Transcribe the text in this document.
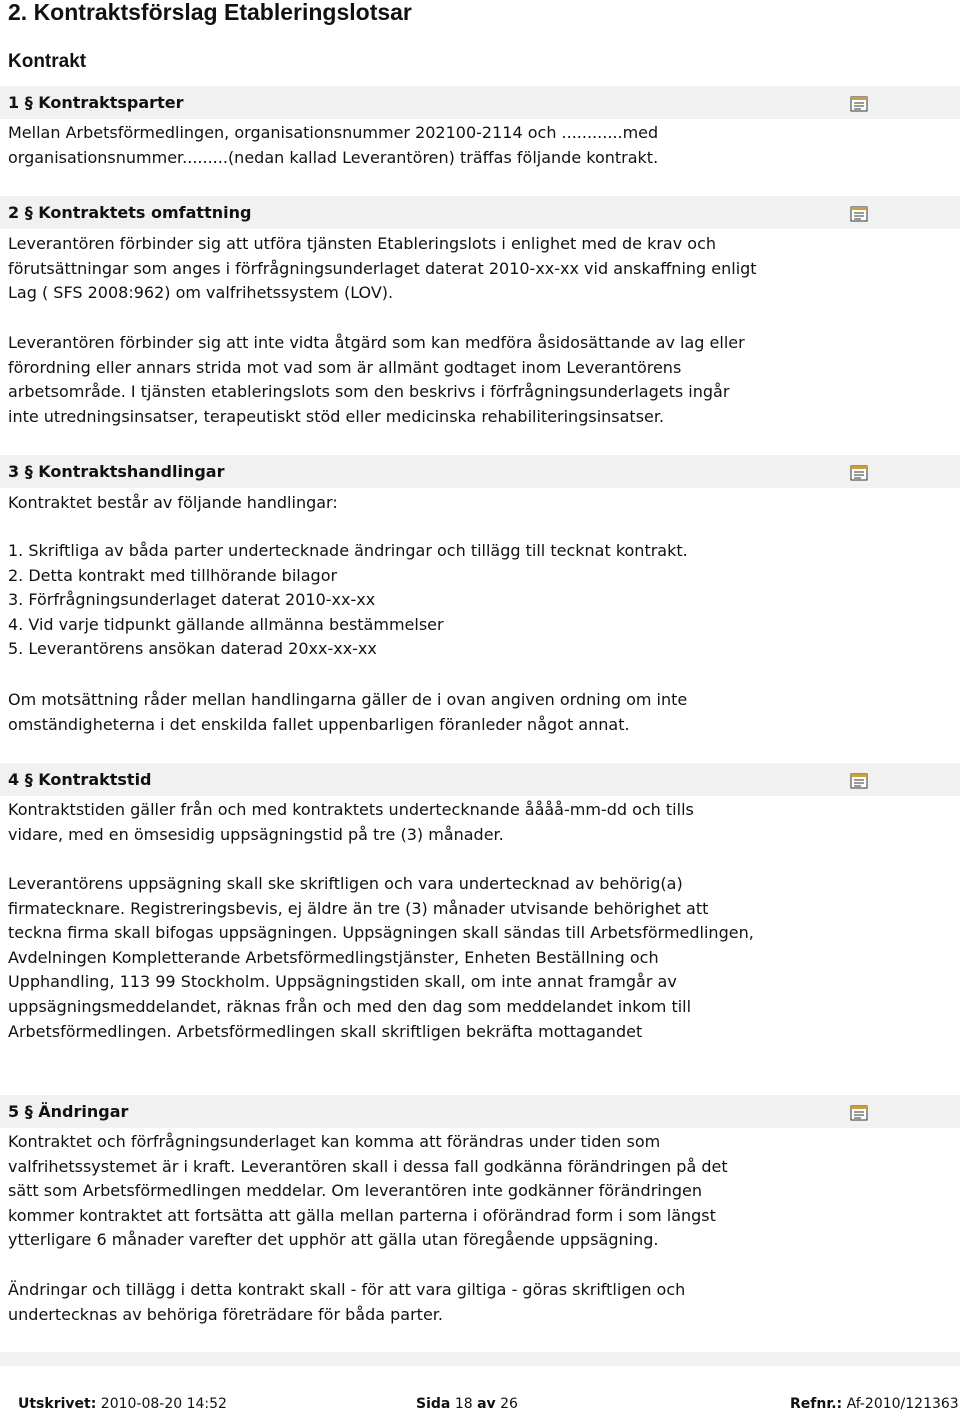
2. Kontraktsförslag Etableringslotsar
Kontrakt
1 § Kontraktsparter
Mellan Arbetsförmedlingen, organisationsnummer 202100-2114 och ............med
organisationsnummer.........(nedan kallad Leverantören) träffas följande kontrakt.
2 § Kontraktets omfattning
Leverantören förbinder sig att utföra tjänsten Etableringslots i enlighet med de krav och
förutsättningar som anges i förfrågningsunderlaget daterat 2010-xx-xx vid anskaffning enligt
Lag ( SFS 2008:962) om valfrihetssystem (LOV).
Leverantören förbinder sig att inte vidta åtgärd som kan medföra åsidosättande av lag eller
förordning eller annars strida mot vad som är allmänt godtaget inom Leverantörens
arbetsområde. I tjänsten etableringslots som den beskrivs i förfrågningsunderlagets ingår
inte utredningsinsatser, terapeutiskt stöd eller medicinska rehabiliteringsinsatser.
3 § Kontraktshandlingar
Kontraktet består av följande handlingar:
1. Skriftliga av båda parter undertecknade ändringar och tillägg till tecknat kontrakt.
2. Detta kontrakt med tillhörande bilagor
3. Förfrågningsunderlaget daterat 2010-xx-xx
4. Vid varje tidpunkt gällande allmänna bestämmelser
5. Leverantörens ansökan daterad 20xx-xx-xx
Om motsättning råder mellan handlingarna gäller de i ovan angiven ordning om inte
omständigheterna i det enskilda fallet uppenbarligen föranleder något annat.
4 § Kontraktstid
Kontraktstiden gäller från och med kontraktets undertecknande åååå-mm-dd och tills
vidare, med en ömsesidig uppsägningstid på tre (3) månader.
Leverantörens uppsägning skall ske skriftligen och vara undertecknad av behörig(a)
firmatecknare. Registreringsbevis, ej äldre än tre (3) månader utvisande behörighet att
teckna firma skall bifogas uppsägningen. Uppsägningen skall sändas till Arbetsförmedlingen,
Avdelningen Kompletterande Arbetsförmedlingstjänster, Enheten Beställning och
Upphandling, 113 99 Stockholm. Uppsägningstiden skall, om inte annat framgår av
uppsägningsmeddelandet, räknas från och med den dag som meddelandet inkom till
Arbetsförmedlingen. Arbetsförmedlingen skall skriftligen bekräfta mottagandet
5 § Ändringar
Kontraktet och förfrågningsunderlaget kan komma att förändras under tiden som
valfrihetssystemet är i kraft. Leverantören skall i dessa fall godkänna förändringen på det
sätt som Arbetsförmedlingen meddelar. Om leverantören inte godkänner förändringen
kommer kontraktet att fortsätta att gälla mellan parterna i oförändrad form i som längst
ytterligare 6 månader varefter det upphör att gälla utan föregående uppsägning.
Ändringar och tillägg i detta kontrakt skall - för att vara giltiga - göras skriftligen och
undertecknas av behöriga företrädare för båda parter.
Utskrivet: 2010-08-20 14:52	Sida 18 av 26	Refnr.: Af-2010/121363
